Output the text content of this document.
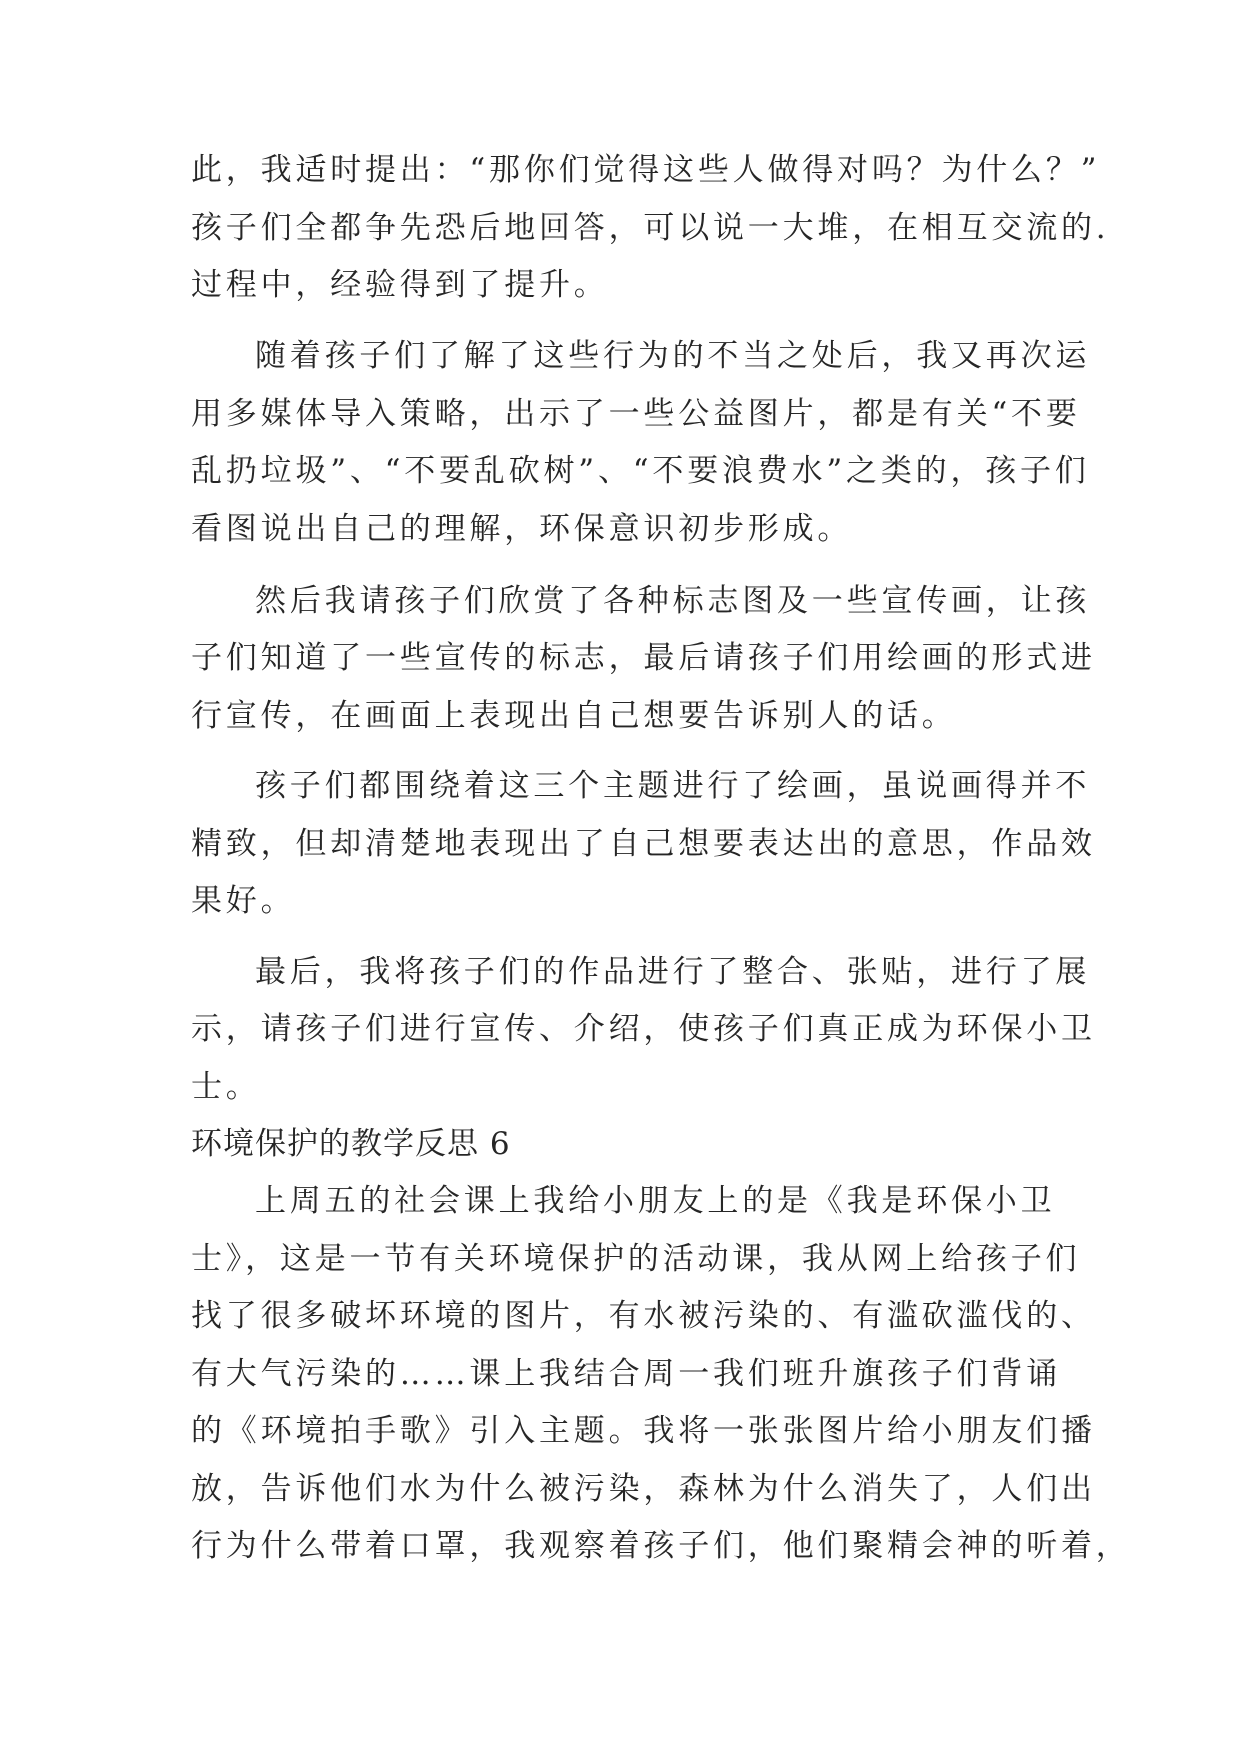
此，我适时提出：“那你们觉得这些人做得对吗？为什么？”

孩子们全都争先恐后地回答，可以说一大堆，在相互交流的.

过程中，经验得到了提升。

随着孩子们了解了这些行为的不当之处后，我又再次运

用多媒体导入策略，出示了一些公益图片，都是有关“不要

乱扔垃圾”、“不要乱砍树”、“不要浪费水”之类的，孩子们

看图说出自己的理解，环保意识初步形成。

然后我请孩子们欣赏了各种标志图及一些宣传画，让孩

子们知道了一些宣传的标志，最后请孩子们用绘画的形式进

行宣传，在画面上表现出自己想要告诉别人的话。

孩子们都围绕着这三个主题进行了绘画，虽说画得并不

精致，但却清楚地表现出了自己想要表达出的意思，作品效

果好。

最后，我将孩子们的作品进行了整合、张贴，进行了展

示，请孩子们进行宣传、介绍，使孩子们真正成为环保小卫

士。

环境保护的教学反思 6

上周五的社会课上我给小朋友上的是《我是环保小卫

士》，这是一节有关环境保护的活动课，我从网上给孩子们

找了很多破坏环境的图片，有水被污染的、有滥砍滥伐的、

有大气污染的……课上我结合周一我们班升旗孩子们背诵

的《环境拍手歌》引入主题。我将一张张图片给小朋友们播

放，告诉他们水为什么被污染，森林为什么消失了，人们出

行为什么带着口罩，我观察着孩子们，他们聚精会神的听着，
